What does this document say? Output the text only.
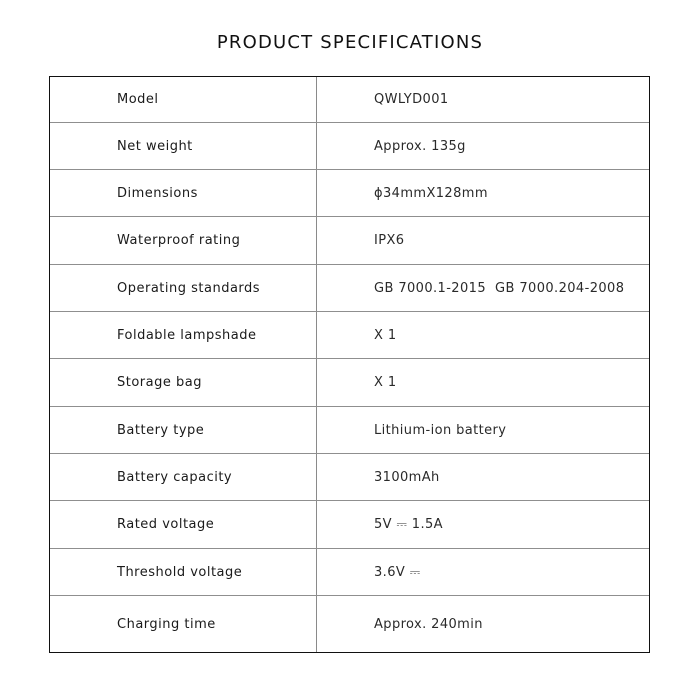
PRODUCT SPECIFICATIONS
Model	QWLYD001
Net weight	Approx. 135g
Dimensions	ϕ34mmX128mm
Waterproof rating	IPX6
Operating standards	GB 7000.1-2015  GB 7000.204-2008
Foldable lampshade	X 1
Storage bag	X 1
Battery type	Lithium-ion battery
Battery capacity	3100mAh
Rated voltage	5V ⎓ 1.5A
Threshold voltage	3.6V ⎓
Charging time	Approx. 240min
